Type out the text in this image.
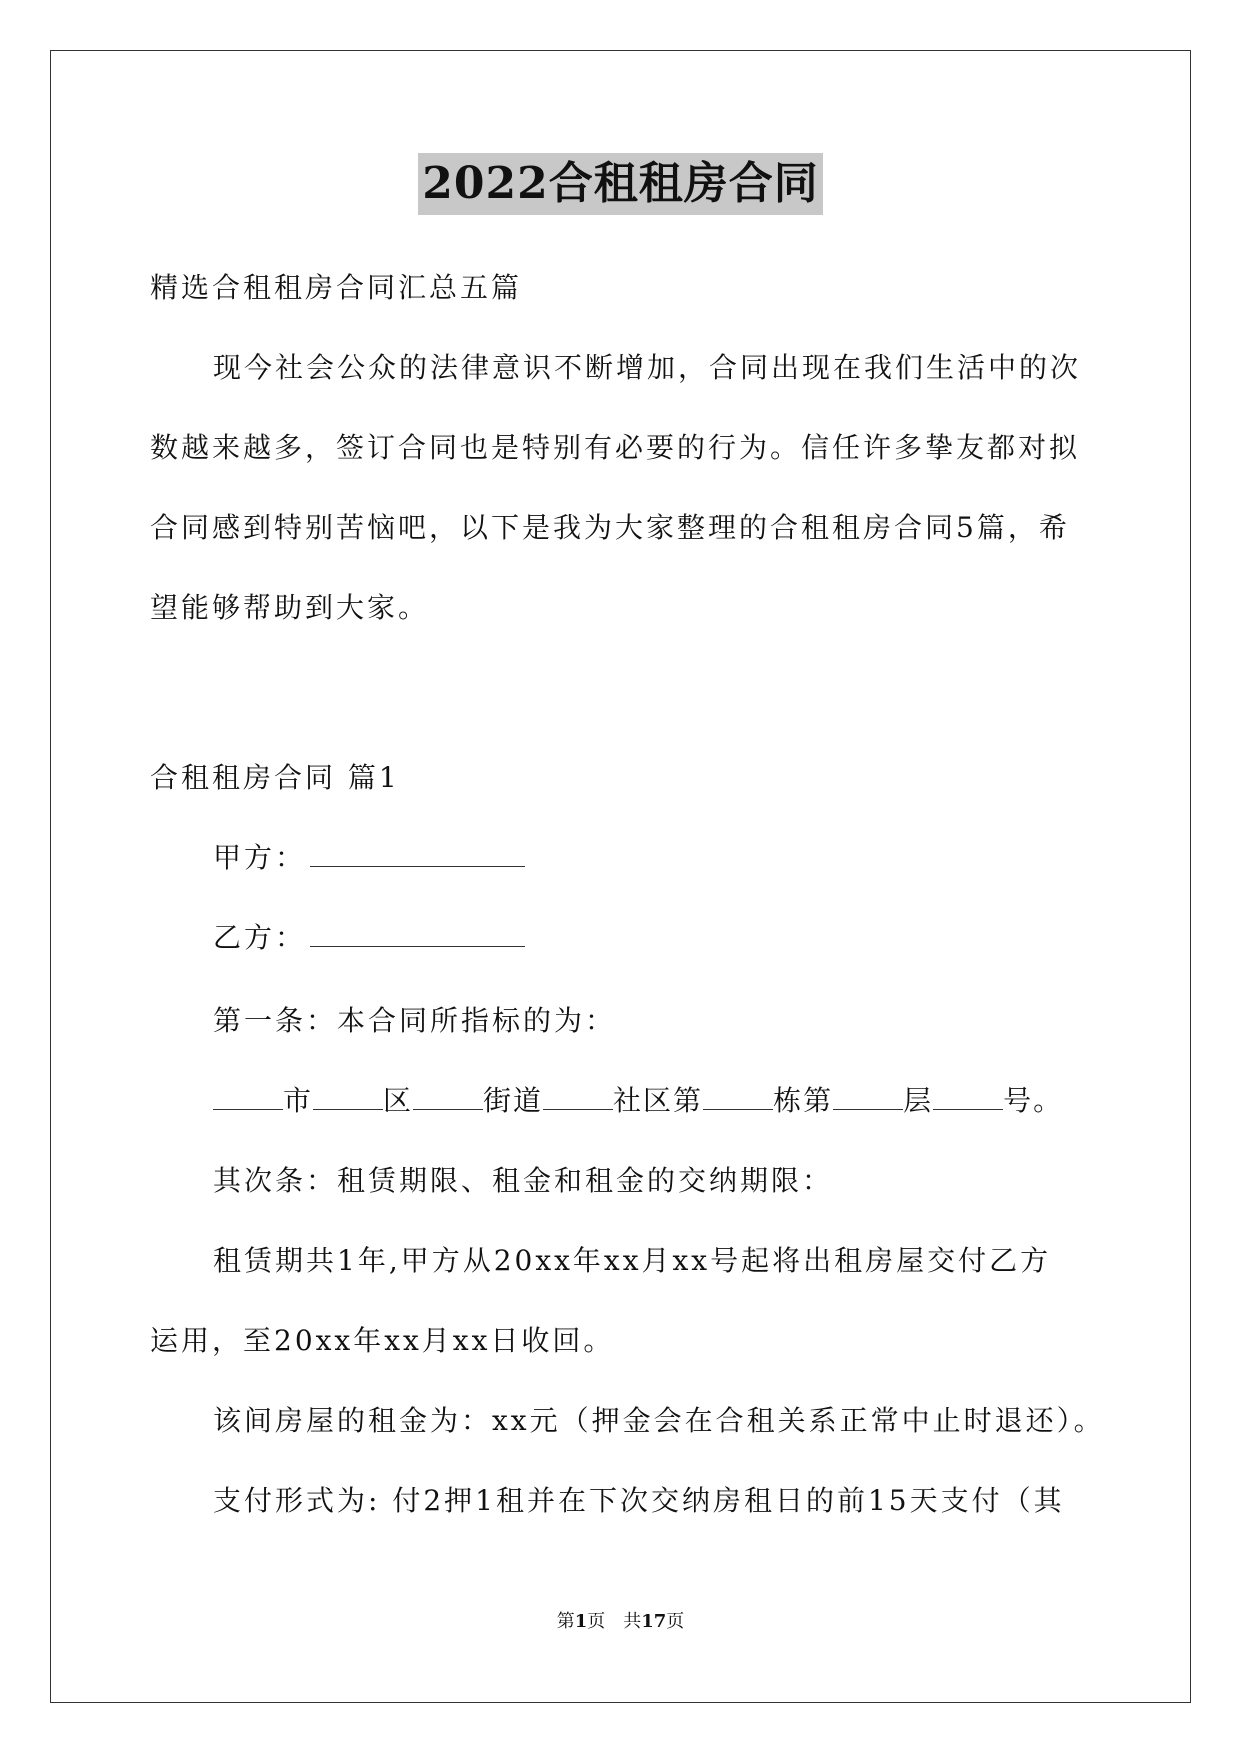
2022合租租房合同
精选合租租房合同汇总五篇
现今社会公众的法律意识不断增加，合同出现在我们生活中的次
数越来越多，签订合同也是特别有必要的行为。信任许多挚友都对拟
合同感到特别苦恼吧，以下是我为大家整理的合租租房合同5篇，希
望能够帮助到大家。
合租租房合同 篇1
甲方：
乙方：
第一条：本合同所指标的为：
市	区	街道	社区第	栋第	层	号。
其次条：租赁期限、租金和租金的交纳期限：
租赁期共1年,甲方从20xx年xx月xx号起将出租房屋交付乙方
运用，至20xx年xx月xx日收回。
该间房屋的租金为：xx元（押金会在合租关系正常中止时退还）。
支付形式为: 付2押1租并在下次交纳房租日的前15天支付（其
第1页　共17页
